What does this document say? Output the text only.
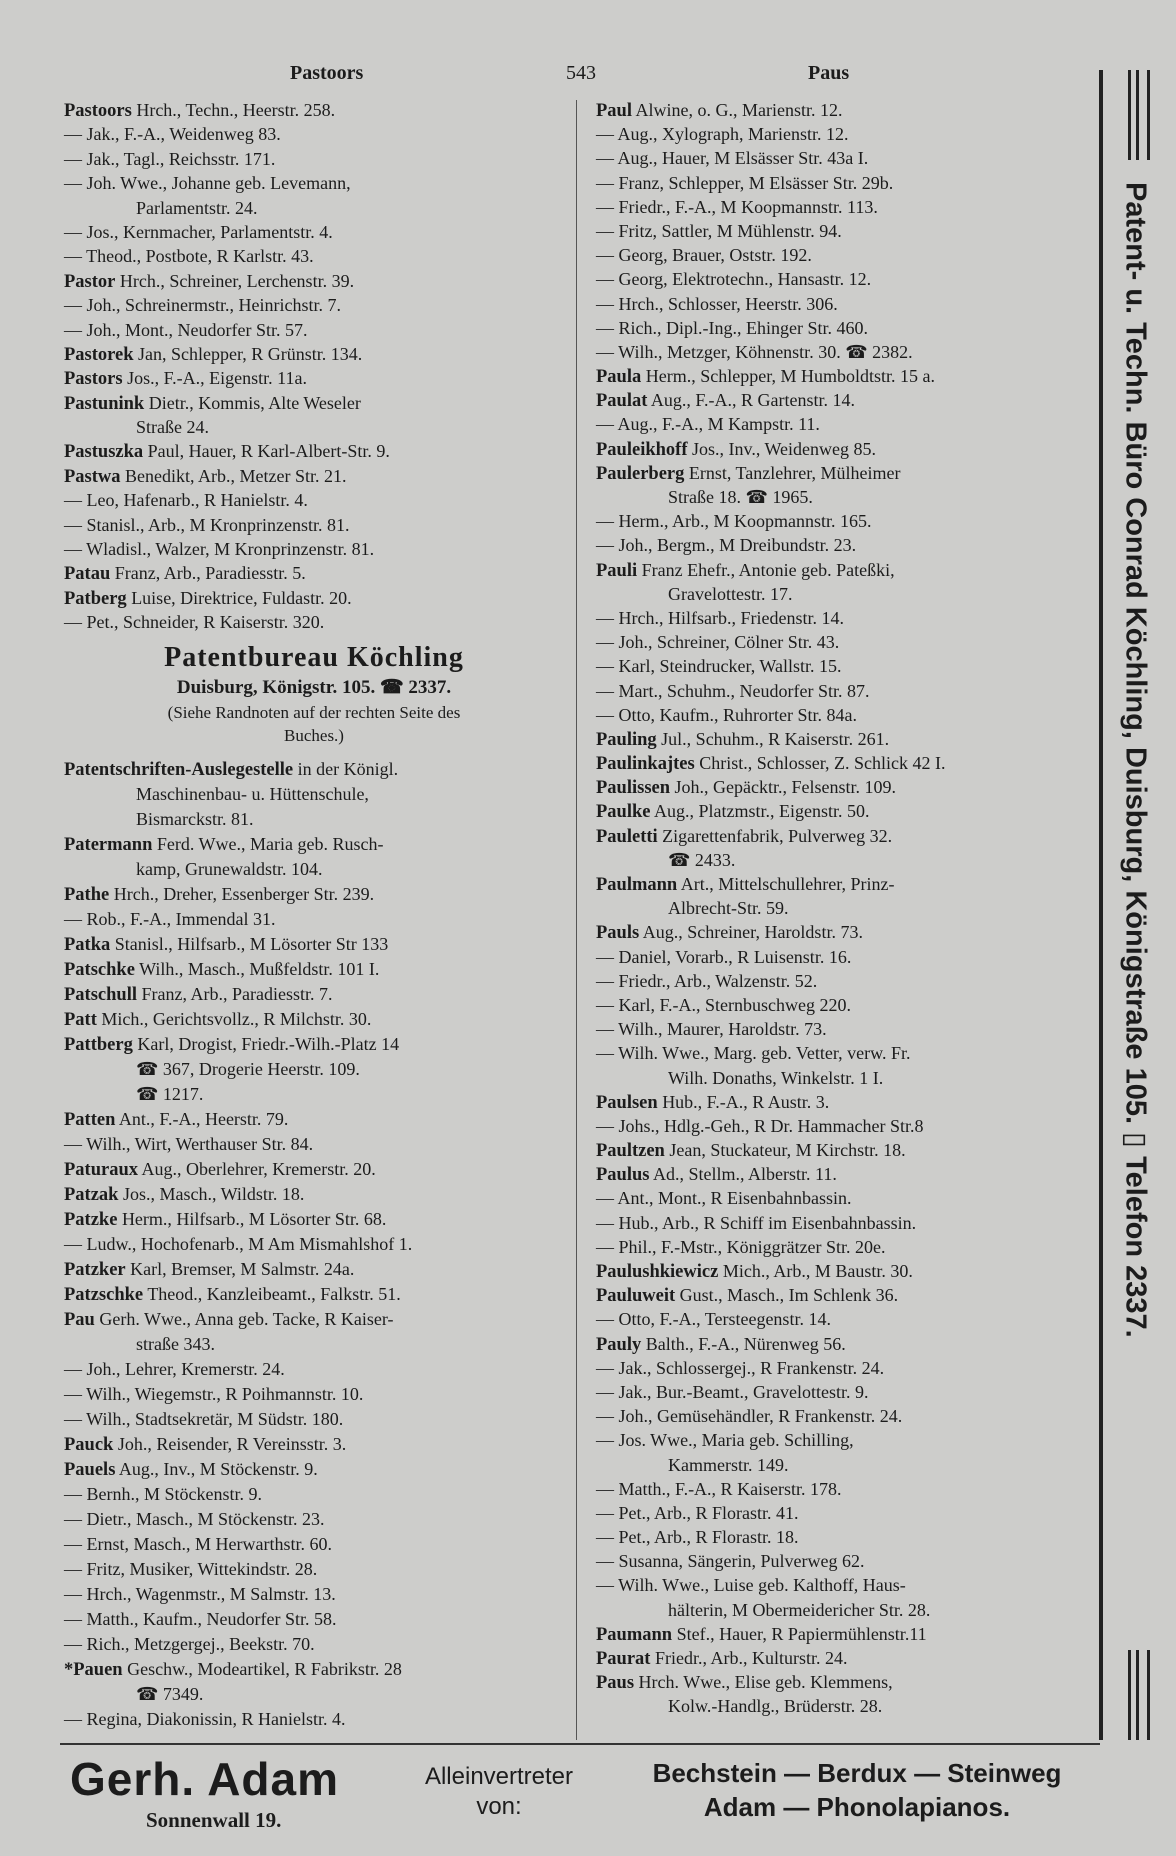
Pastoors	543	Paus
Pastoors Hrch., Techn., Heerstr. 258.
— Jak., F.-A., Weidenweg 83.
— Jak., Tagl., Reichsstr. 171.
— Joh. Wwe., Johanne geb. Levemann,
Parlamentstr. 24.
— Jos., Kernmacher, Parlamentstr. 4.
— Theod., Postbote, R Karlstr. 43.
Pastor Hrch., Schreiner, Lerchenstr. 39.
— Joh., Schreinermstr., Heinrichstr. 7.
— Joh., Mont., Neudorfer Str. 57.
Pastorek Jan, Schlepper, R Grünstr. 134.
Pastors Jos., F.-A., Eigenstr. 11a.
Pastunink Dietr., Kommis, Alte Weseler
Straße 24.
Pastuszka Paul, Hauer, R Karl-Albert-Str. 9.
Pastwa Benedikt, Arb., Metzer Str. 21.
— Leo, Hafenarb., R Hanielstr. 4.
— Stanisl., Arb., M Kronprinzenstr. 81.
— Wladisl., Walzer, M Kronprinzenstr. 81.
Patau Franz, Arb., Paradiesstr. 5.
Patberg Luise, Direktrice, Fuldastr. 20.
— Pet., Schneider, R Kaiserstr. 320.
Patentbureau Köchling
Duisburg, Königstr. 105. ☎ 2337.
(Siehe Randnoten auf der rechten Seite des
Buches.)
Patentschriften-Auslegestelle in der Königl.
Maschinenbau- u. Hüttenschule,
Bismarckstr. 81.
Patermann Ferd. Wwe., Maria geb. Rusch-
kamp, Grunewaldstr. 104.
Pathe Hrch., Dreher, Essenberger Str. 239.
— Rob., F.-A., Immendal 31.
Patka Stanisl., Hilfsarb., M Lösorter Str 133
Patschke Wilh., Masch., Mußfeldstr. 101 I.
Patschull Franz, Arb., Paradiesstr. 7.
Patt Mich., Gerichtsvollz., R Milchstr. 30.
Pattberg Karl, Drogist, Friedr.-Wilh.-Platz 14
☎ 367, Drogerie Heerstr. 109.
☎ 1217.
Patten Ant., F.-A., Heerstr. 79.
— Wilh., Wirt, Werthauser Str. 84.
Paturaux Aug., Oberlehrer, Kremerstr. 20.
Patzak Jos., Masch., Wildstr. 18.
Patzke Herm., Hilfsarb., M Lösorter Str. 68.
— Ludw., Hochofenarb., M Am Mismahlshof 1.
Patzker Karl, Bremser, M Salmstr. 24a.
Patzschke Theod., Kanzleibeamt., Falkstr. 51.
Pau Gerh. Wwe., Anna geb. Tacke, R Kaiser-
straße 343.
— Joh., Lehrer, Kremerstr. 24.
— Wilh., Wiegemstr., R Poihmannstr. 10.
— Wilh., Stadtsekretär, M Südstr. 180.
Pauck Joh., Reisender, R Vereinsstr. 3.
Pauels Aug., Inv., M Stöckenstr. 9.
— Bernh., M Stöckenstr. 9.
— Dietr., Masch., M Stöckenstr. 23.
— Ernst, Masch., M Herwarthstr. 60.
— Fritz, Musiker, Wittekindstr. 28.
— Hrch., Wagenmstr., M Salmstr. 13.
— Matth., Kaufm., Neudorfer Str. 58.
— Rich., Metzgergej., Beekstr. 70.
*Pauen Geschw., Modeartikel, R Fabrikstr. 28
☎ 7349.
— Regina, Diakonissin, R Hanielstr. 4.
Paul Alwine, o. G., Marienstr. 12.
— Aug., Xylograph, Marienstr. 12.
— Aug., Hauer, M Elsässer Str. 43a I.
— Franz, Schlepper, M Elsässer Str. 29b.
— Friedr., F.-A., M Koopmannstr. 113.
— Fritz, Sattler, M Mühlenstr. 94.
— Georg, Brauer, Oststr. 192.
— Georg, Elektrotechn., Hansastr. 12.
— Hrch., Schlosser, Heerstr. 306.
— Rich., Dipl.-Ing., Ehinger Str. 460.
— Wilh., Metzger, Köhnenstr. 30. ☎ 2382.
Paula Herm., Schlepper, M Humboldtstr. 15 a.
Paulat Aug., F.-A., R Gartenstr. 14.
— Aug., F.-A., M Kampstr. 11.
Pauleikhoff Jos., Inv., Weidenweg 85.
Paulerberg Ernst, Tanzlehrer, Mülheimer
Straße 18. ☎ 1965.
— Herm., Arb., M Koopmannstr. 165.
— Joh., Bergm., M Dreibundstr. 23.
Pauli Franz Ehefr., Antonie geb. Pateßki,
Gravelottestr. 17.
— Hrch., Hilfsarb., Friedenstr. 14.
— Joh., Schreiner, Cölner Str. 43.
— Karl, Steindrucker, Wallstr. 15.
— Mart., Schuhm., Neudorfer Str. 87.
— Otto, Kaufm., Ruhrorter Str. 84a.
Pauling Jul., Schuhm., R Kaiserstr. 261.
Paulinkajtes Christ., Schlosser, Z. Schlick 42 I.
Paulissen Joh., Gepäcktr., Felsenstr. 109.
Paulke Aug., Platzmstr., Eigenstr. 50.
Pauletti Zigarettenfabrik, Pulverweg 32.
☎ 2433.
Paulmann Art., Mittelschullehrer, Prinz-
Albrecht-Str. 59.
Pauls Aug., Schreiner, Haroldstr. 73.
— Daniel, Vorarb., R Luisenstr. 16.
— Friedr., Arb., Walzenstr. 52.
— Karl, F.-A., Sternbuschweg 220.
— Wilh., Maurer, Haroldstr. 73.
— Wilh. Wwe., Marg. geb. Vetter, verw. Fr.
Wilh. Donaths, Winkelstr. 1 I.
Paulsen Hub., F.-A., R Austr. 3.
— Johs., Hdlg.-Geh., R Dr. Hammacher Str.8
Paultzen Jean, Stuckateur, M Kirchstr. 18.
Paulus Ad., Stellm., Alberstr. 11.
— Ant., Mont., R Eisenbahnbassin.
— Hub., Arb., R Schiff im Eisenbahnbassin.
— Phil., F.-Mstr., Königgrätzer Str. 20e.
Paulushkiewicz Mich., Arb., M Baustr. 30.
Pauluweit Gust., Masch., Im Schlenk 36.
— Otto, F.-A., Tersteegenstr. 14.
Pauly Balth., F.-A., Nürenweg 56.
— Jak., Schlossergej., R Frankenstr. 24.
— Jak., Bur.-Beamt., Gravelottestr. 9.
— Joh., Gemüsehändler, R Frankenstr. 24.
— Jos. Wwe., Maria geb. Schilling,
Kammerstr. 149.
— Matth., F.-A., R Kaiserstr. 178.
— Pet., Arb., R Florastr. 41.
— Pet., Arb., R Florastr. 18.
— Susanna, Sängerin, Pulverweg 62.
— Wilh. Wwe., Luise geb. Kalthoff, Haus-
hälterin, M Obermeidericher Str. 28.
Paumann Stef., Hauer, R Papiermühlenstr.11
Paurat Friedr., Arb., Kulturstr. 24.
Paus Hrch. Wwe., Elise geb. Klemmens,
Kolw.-Handlg., Brüderstr. 28.
Patent- u. Techn. Büro Conrad Köchling, Duisburg, Königstraße 105. ▯ Telefon 2337.
Gerh. Adam
Sonnenwall 19.
Alleinvertreter
von:
Bechstein — Berdux — Steinweg
Adam — Phonolapianos.
